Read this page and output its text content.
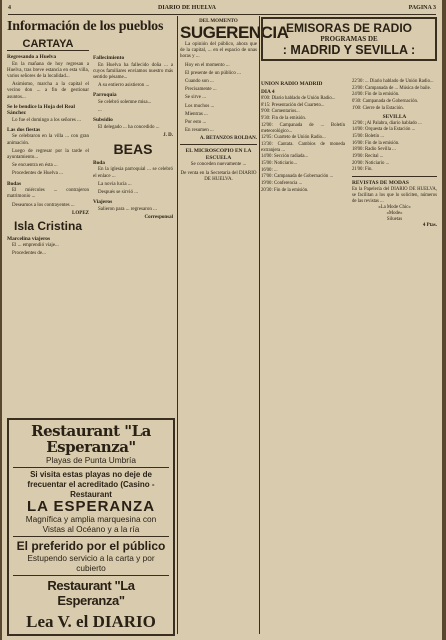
4	DIARIO DE HUELVA	PAGINA 3
Información de los pueblos
CARTAYA
Regresando a Huelva
En la mañana de hoy regresan a Huelva, tras breve estancia en esta villa, varios señores de la localidad...
Asimismo, marcha a la capital el vecino don ... a fin de gestionar asuntos...
Se le bendice la Hoja del Real Sánchez
Lo fue el domingo a los señores ...
Las dos fiestas
Se celebraron en la villa ... con gran animación.
Luego de regresar por la tarde el ayuntamiento...
Se encuentra en ésta ...
Procedentes de Huelva ...
Bodas
El miércoles ... contrajeron matrimonio ...
Deseamos a los contrayentes ...
LOPEZ
Isla Cristina
Marcelina viajeros
El ... emprendió viaje...
Procedentes de...
Fallecimiento
En Huelva ha fallecido doña ... a cuyos familiares enviamos nuestro más sentido pésame...
A su entierro asistieron ...
Parroquia
Se celebró solemne misa...
...
Subsidio
El delegado ... ha concedido ...
J. D.
BEAS
Boda
En la iglesia parroquial ... se celebró el enlace ...
La novia lucía ...
Después se sirvió ...
Viajeros
Salieron para ... regresaron ...
Corresponsal
Restaurant "La Esperanza"
Playas de Punta Umbría
Si visita estas playas no deje de frecuentar el acreditado (Casino - Restaurant
LA ESPERANZA
Magnífica y amplia marquesina con
Vistas al Océano y a la ría
El preferido por el público
Estupendo servicio a la carta y por cubierto
Restaurant "La Esperanza"
Lea V. el DIARIO
DEL MOMENTO
SUGERENCIA
La opinión del público, ahora que de la capital, ... en el espacio de unas horas y ...
Hoy en el momento ...
El presente de un público ...
Cuando son ...
Precisamente ...
Se sirve ...
Los muchos ...
Mientras ...
Por esto ...
En resumen ...
A. BETANZOS ROLDAN.
EL MICROSCOPIO EN LA ESCUELA
Se conceden nuevamente ...
De venta en la Secretaría del DIARIO DE HUELVA.
EMISORAS DE RADIO
PROGRAMAS DE
: MADRID Y SEVILLA :
UNION RADIO MADRID
DIA 4
8'00: Diario hablado de Unión Radio...
8'15: Presentación del Cuarteto...
9'00: Comentarios...
9'30: Fin de la emisión.
12'00: Campanada de ... Boletín meteorológico...
12'05: Cuarteto de Unión Radio...
13'30: Cantata. Cambios de moneda extranjera ...
14'00: Sección radiada...
15'00: Noticiario...
16'00: ...
17'00: Campanada de Gobernación ...
19'00: Conferencia ...
20'30: Fin de la emisión.
22'30: ... Diario hablado de Unión Radio...
23'00: Campanada de ... Música de baile.
24'00: Fin de la emisión.
0'30: Campanada de Gobernación.
1'00: Cierre de la Estación.
SEVILLA
12'00: ¡Al Palabra, diario hablado ...
14'00: Orquesta de la Estación ...
15'00: Boletín ...
16'00: Fin de la emisión.
18'00: Radio Sevilla ...
19'00: Recital ...
20'00: Noticiario ...
21'00: Fin.
REVISTAS DE MODAS
En la Papelería del DIARIO DE HUELVA, se facilitan a los que lo soliciten, números de las revistas ...
«La Mode Chic»
«Mode»
Siluetas
4 Ptas.
